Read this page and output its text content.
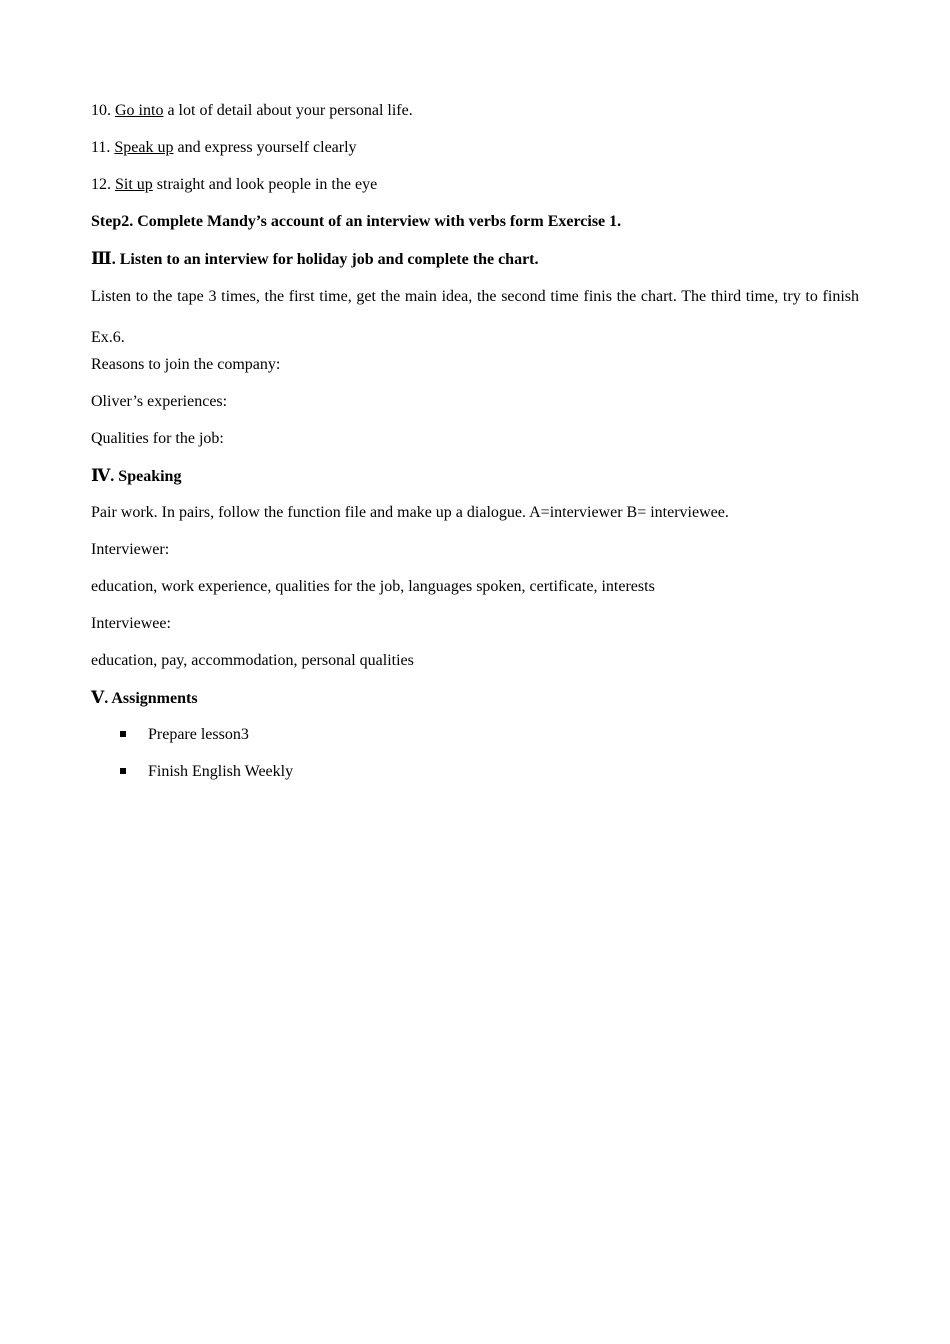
10. Go into a lot of detail about your personal life.
11. Speak up and express yourself clearly
12. Sit up straight and look people in the eye
Step2. Complete Mandy’s account of an interview with verbs form Exercise 1.
Ⅲ. Listen to an interview for holiday job and complete the chart.
Listen to the tape 3 times, the first time, get the main idea, the second time finis the chart. The third time, try to finish Ex.6.
Reasons to join the company:
Oliver’s experiences:
Qualities for the job:
Ⅳ. Speaking
Pair work. In pairs, follow the function file and make up a dialogue. A=interviewer B= interviewee.
Interviewer:
education, work experience, qualities for the job, languages spoken, certificate, interests
Interviewee:
education, pay, accommodation, personal qualities
Ⅴ. Assignments
Prepare lesson3
Finish English Weekly
